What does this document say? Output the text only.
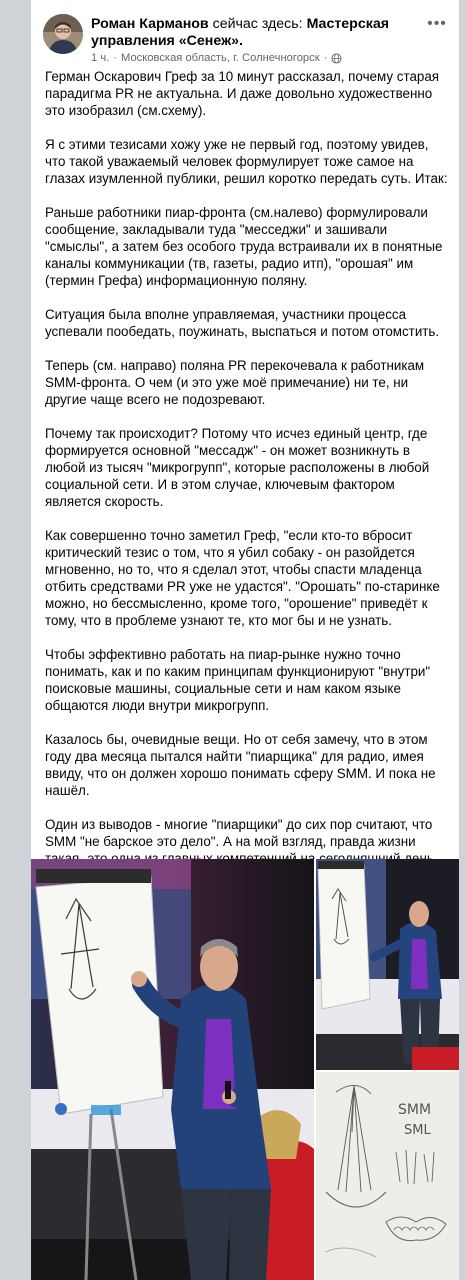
Роман Карманов сейчас здесь: Мастерская управления «Сенеж».
1 ч. · Московская область, г. Солнечногорск ·
•••

Герман Оскарович Греф за 10 минут рассказал, почему старая парадигма PR не актуальна. И даже довольно художественно это изобразил (см.схему).

Я с этими тезисами хожу уже не первый год, поэтому увидев, что такой уважаемый человек формулирует тоже самое на глазах изумленной публики, решил коротко передать суть. Итак:

Раньше работники пиар-фронта (см.налево) формулировали сообщение, закладывали туда "месседжи" и зашивали "смыслы", а затем без особого труда встраивали их в понятные каналы коммуникации (тв, газеты, радио итп), "орошая" им (термин Грефа) информационную поляну.

Ситуация была вполне управляемая, участники процесса успевали пообедать, поужинать, выспаться и потом отомстить.

Теперь (см. направо) поляна PR перекочевала к работникам SMM-фронта. О чем (и это уже моё примечание) ни те, ни другие чаще всего не подозревают.

Почему так происходит? Потому что исчез единый центр, где формируется основной "мессадж" - он может возникнуть в любой из тысяч "микрогрупп", которые расположены в любой социальной сети. И в этом случае, ключевым фактором является скорость.

Как совершенно точно заметил Греф, "если кто-то вбросит критический тезис о том, что я убил собаку - он разойдется мгновенно, но то, что я сделал этот, чтобы спасти младенца отбить средствами PR уже не удастся". "Орошать" по-старинке можно, но бессмысленно, кроме того, "орошение" приведёт к тому, что в проблеме узнают те, кто мог бы и не узнать.

Чтобы эффективно работать на пиар-рынке нужно точно понимать, как и по каким принципам функционируют "внутри" поисковые машины, социальные сети и нам каком языке общаются люди внутри микрогрупп.

Казалось бы, очевидные вещи. Но от себя замечу, что в этом году два месяца пытался найти "пиарщика" для радио, имея ввиду, что он должен хорошо понимать сферу SMM. И пока не нашёл.

Один из выводов - многие "пиарщики" до сих пор считают, что SMM "не барское это дело". А на мой взгляд, правда жизни

SMM
SML
